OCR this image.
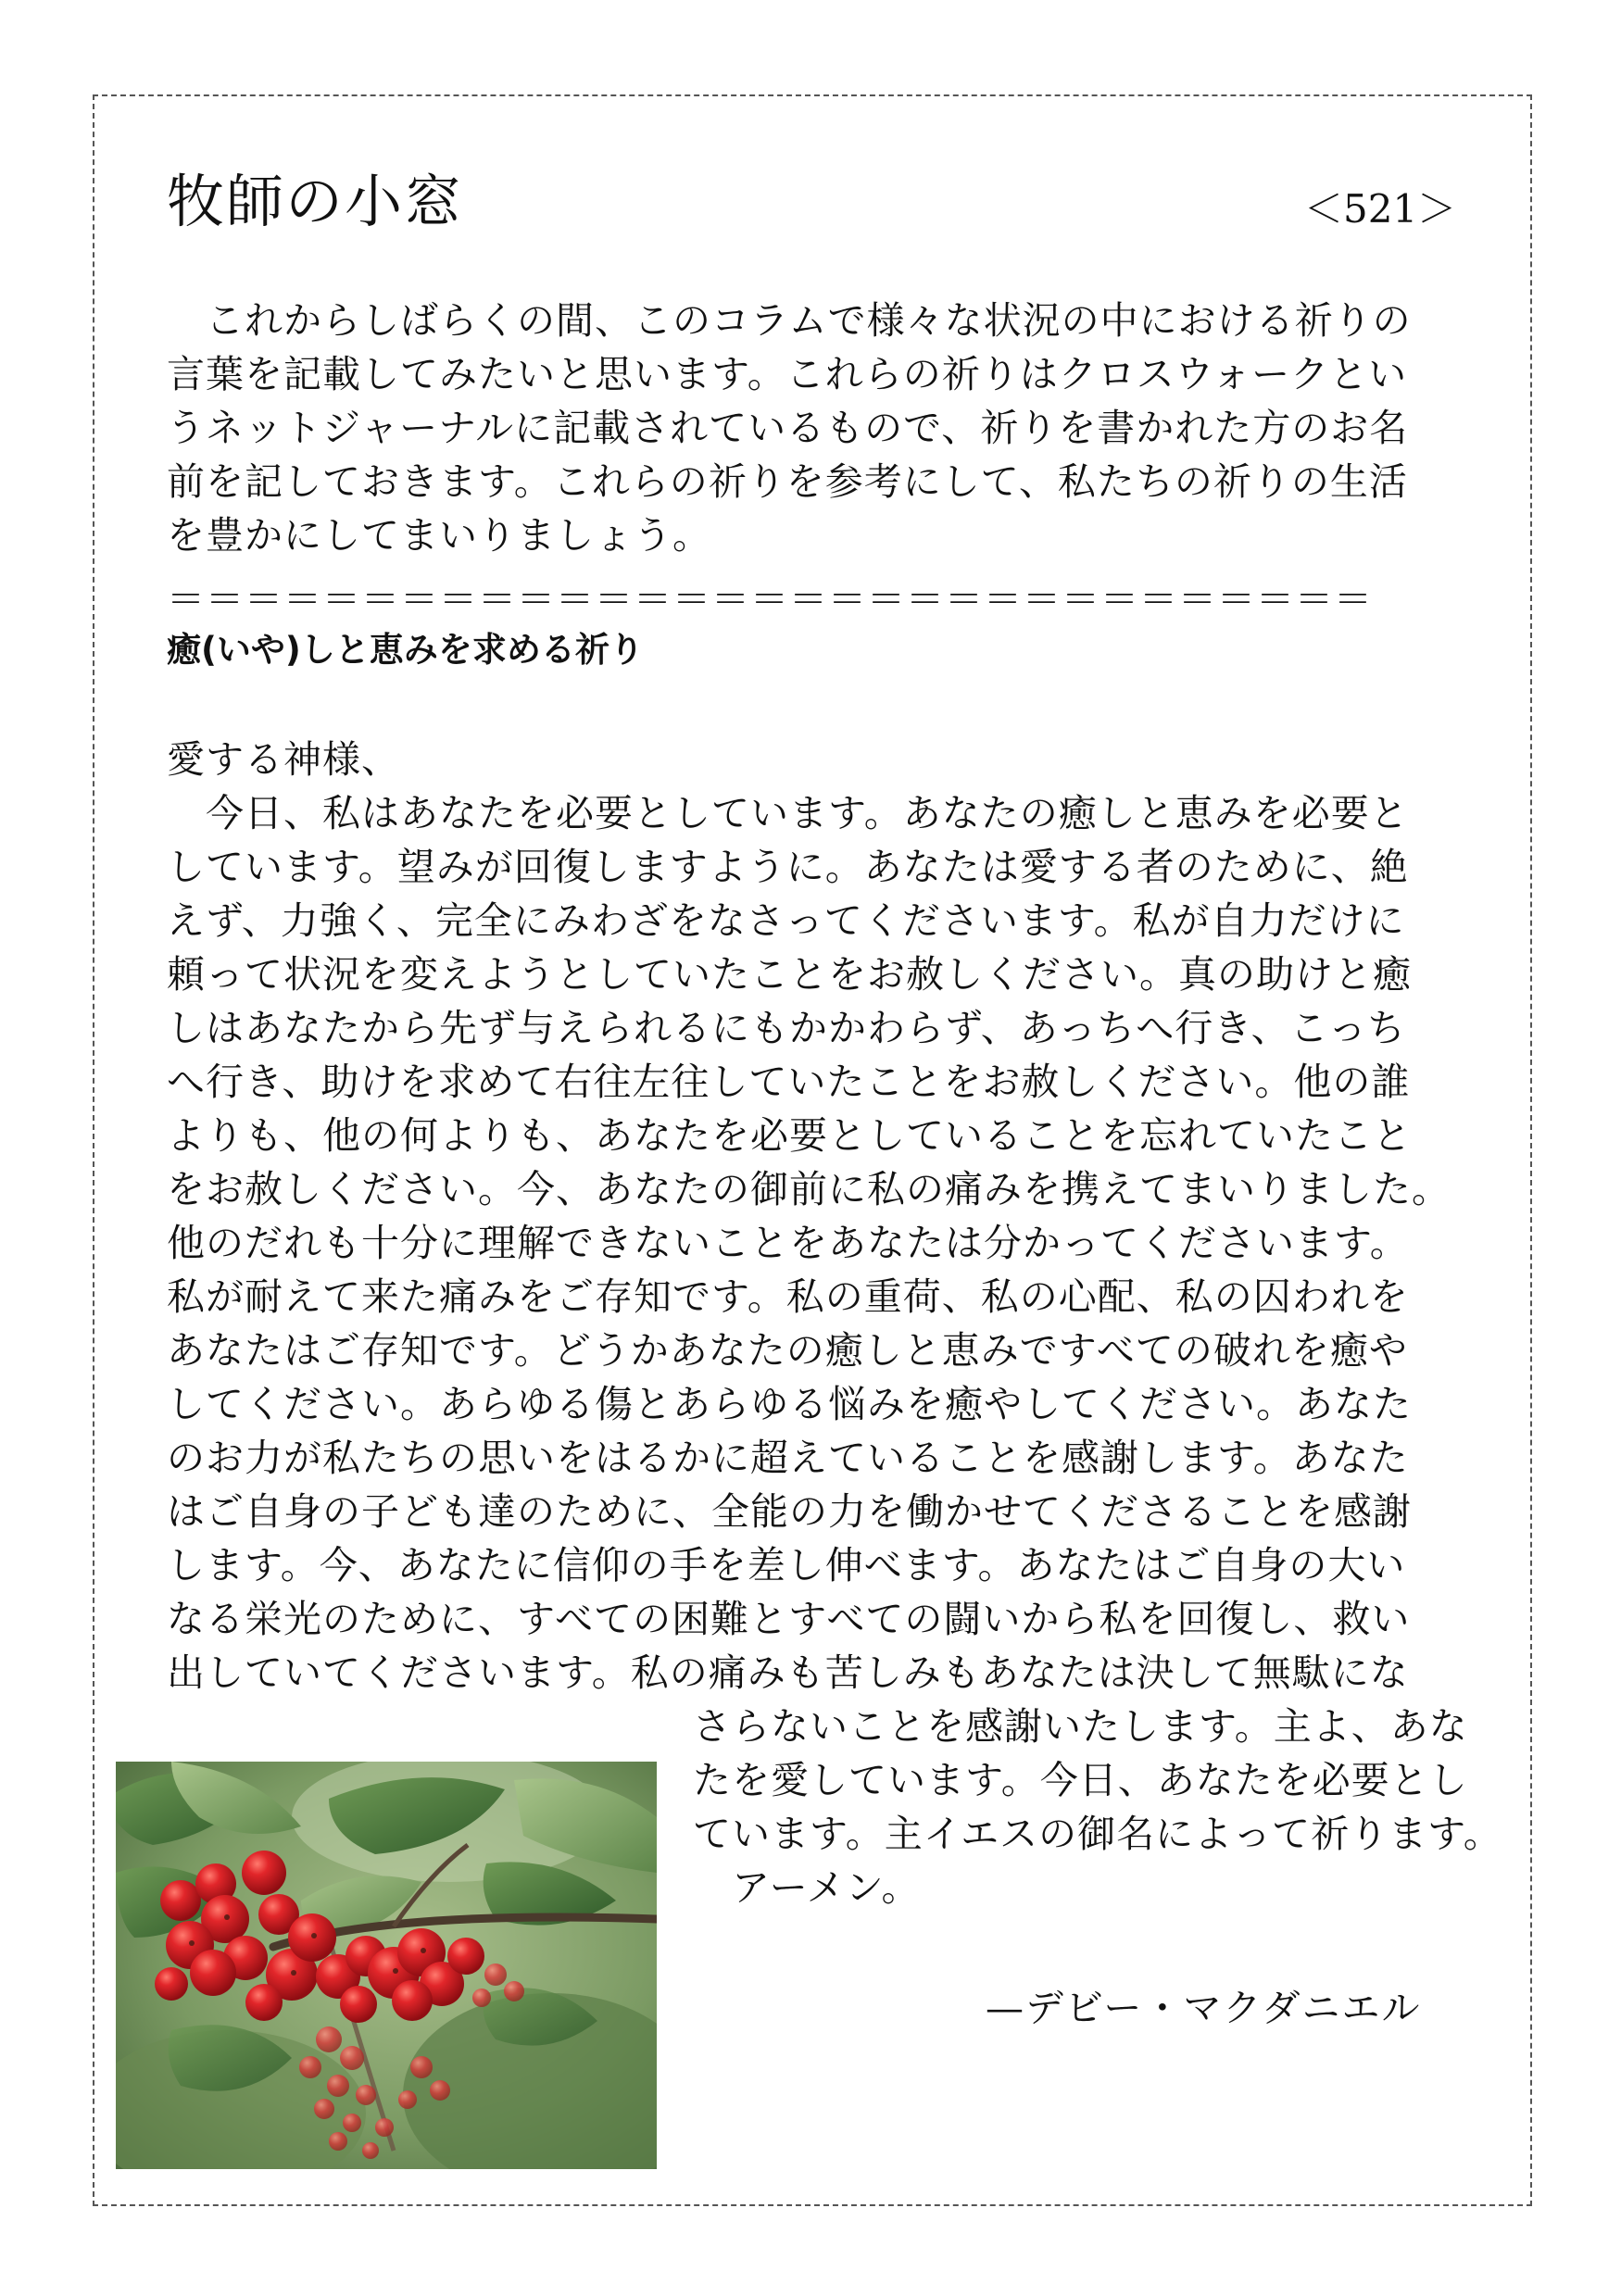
牧師の小窓	＜521＞
　これからしばらくの間、このコラムで様々な状況の中における祈りの
言葉を記載してみたいと思います。これらの祈りはクロスウォークとい
うネットジャーナルに記載されているもので、祈りを書かれた方のお名
前を記しておきます。これらの祈りを参考にして、私たちの祈りの生活
を豊かにしてまいりましょう。
＝＝＝＝＝＝＝＝＝＝＝＝＝＝＝＝＝＝＝＝＝＝＝＝＝＝＝＝＝＝＝
癒(いや)しと恵みを求める祈り
愛する神様、
　今日、私はあなたを必要としています。あなたの癒しと恵みを必要と
しています。望みが回復しますように。あなたは愛する者のために、絶
えず、力強く、完全にみわざをなさってくださいます。私が自力だけに
頼って状況を変えようとしていたことをお赦しください。真の助けと癒
しはあなたから先ず与えられるにもかかわらず、あっちへ行き、こっち
へ行き、助けを求めて右往左往していたことをお赦しください。他の誰
よりも、他の何よりも、あなたを必要としていることを忘れていたこと
をお赦しください。今、あなたの御前に私の痛みを携えてまいりました。
他のだれも十分に理解できないことをあなたは分かってくださいます。
私が耐えて来た痛みをご存知です。私の重荷、私の心配、私の囚われを
あなたはご存知です。どうかあなたの癒しと恵みですべての破れを癒や
してください。あらゆる傷とあらゆる悩みを癒やしてください。あなた
のお力が私たちの思いをはるかに超えていることを感謝します。あなた
はご自身の子ども達のために、全能の力を働かせてくださることを感謝
します。今、あなたに信仰の手を差し伸べます。あなたはご自身の大い
なる栄光のために、すべての困難とすべての闘いから私を回復し、救い
出していてくださいます。私の痛みも苦しみもあなたは決して無駄にな
さらないことを感謝いたします。主よ、あな
たを愛しています。今日、あなたを必要とし
ています。主イエスの御名によって祈ります。
　アーメン。
—デビー・マクダニエル
